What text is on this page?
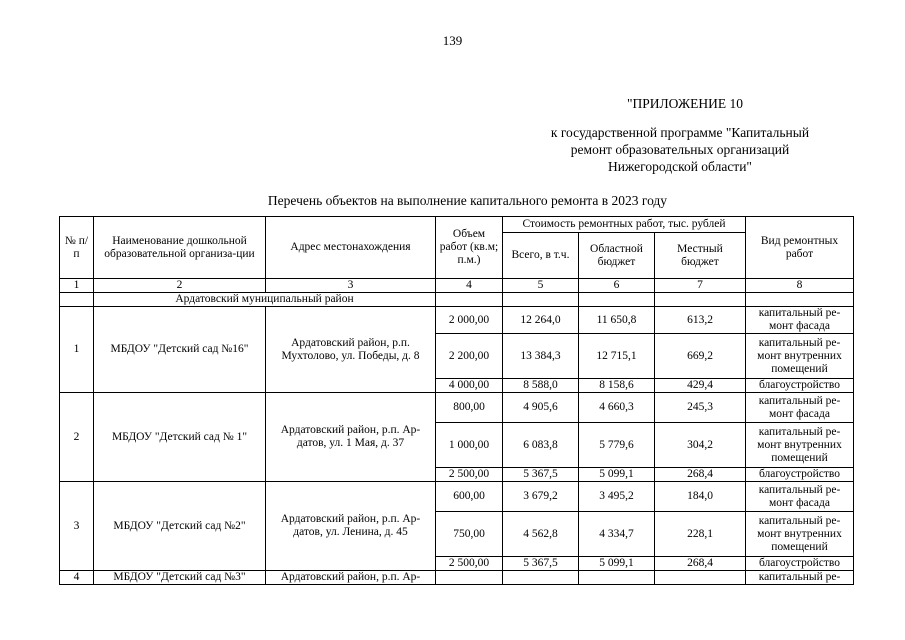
139
"ПРИЛОЖЕНИЕ 10
к государственной программе "Капитальный
ремонт образовательных организаций
Нижегородской области"
Перечень объектов на выполнение капитального ремонта в 2023 году
№ п/п	Наименование дошкольной образовательной организа-ции	Адрес местонахождения	Объем работ (кв.м; п.м.)	Стоимость ремонтных работ, тыс. рублей			Вид ремонтных работ
				Всего, в т.ч.	Областной бюджет	Местный бюджет	
1	2	3	4	5	6	7	8
	Ардатовский муниципальный район						
1	МБДОУ "Детский сад №16"	Ардатовский район, р.п. Мухтолово, ул. Победы, д. 8	2 000,00	12 264,0	11 650,8	613,2	капитальный ре-монт фасада
			2 200,00	13 384,3	12 715,1	669,2	капитальный ре-монт внутренних помещений
			4 000,00	8 588,0	8 158,6	429,4	благоустройство
2	МБДОУ "Детский сад № 1"	Ардатовский район, р.п. Ар-датов, ул. 1 Мая, д. 37	800,00	4 905,6	4 660,3	245,3	капитальный ре-монт фасада
			1 000,00	6 083,8	5 779,6	304,2	капитальный ре-монт внутренних помещений
			2 500,00	5 367,5	5 099,1	268,4	благоустройство
3	МБДОУ "Детский сад №2"	Ардатовский район, р.п. Ар-датов, ул. Ленина, д. 45	600,00	3 679,2	3 495,2	184,0	капитальный ре-монт фасада
			750,00	4 562,8	4 334,7	228,1	капитальный ре-монт внутренних помещений
			2 500,00	5 367,5	5 099,1	268,4	благоустройство
4	МБДОУ "Детский сад №3"	Ардатовский район, р.п. Ар-					капитальный ре-
